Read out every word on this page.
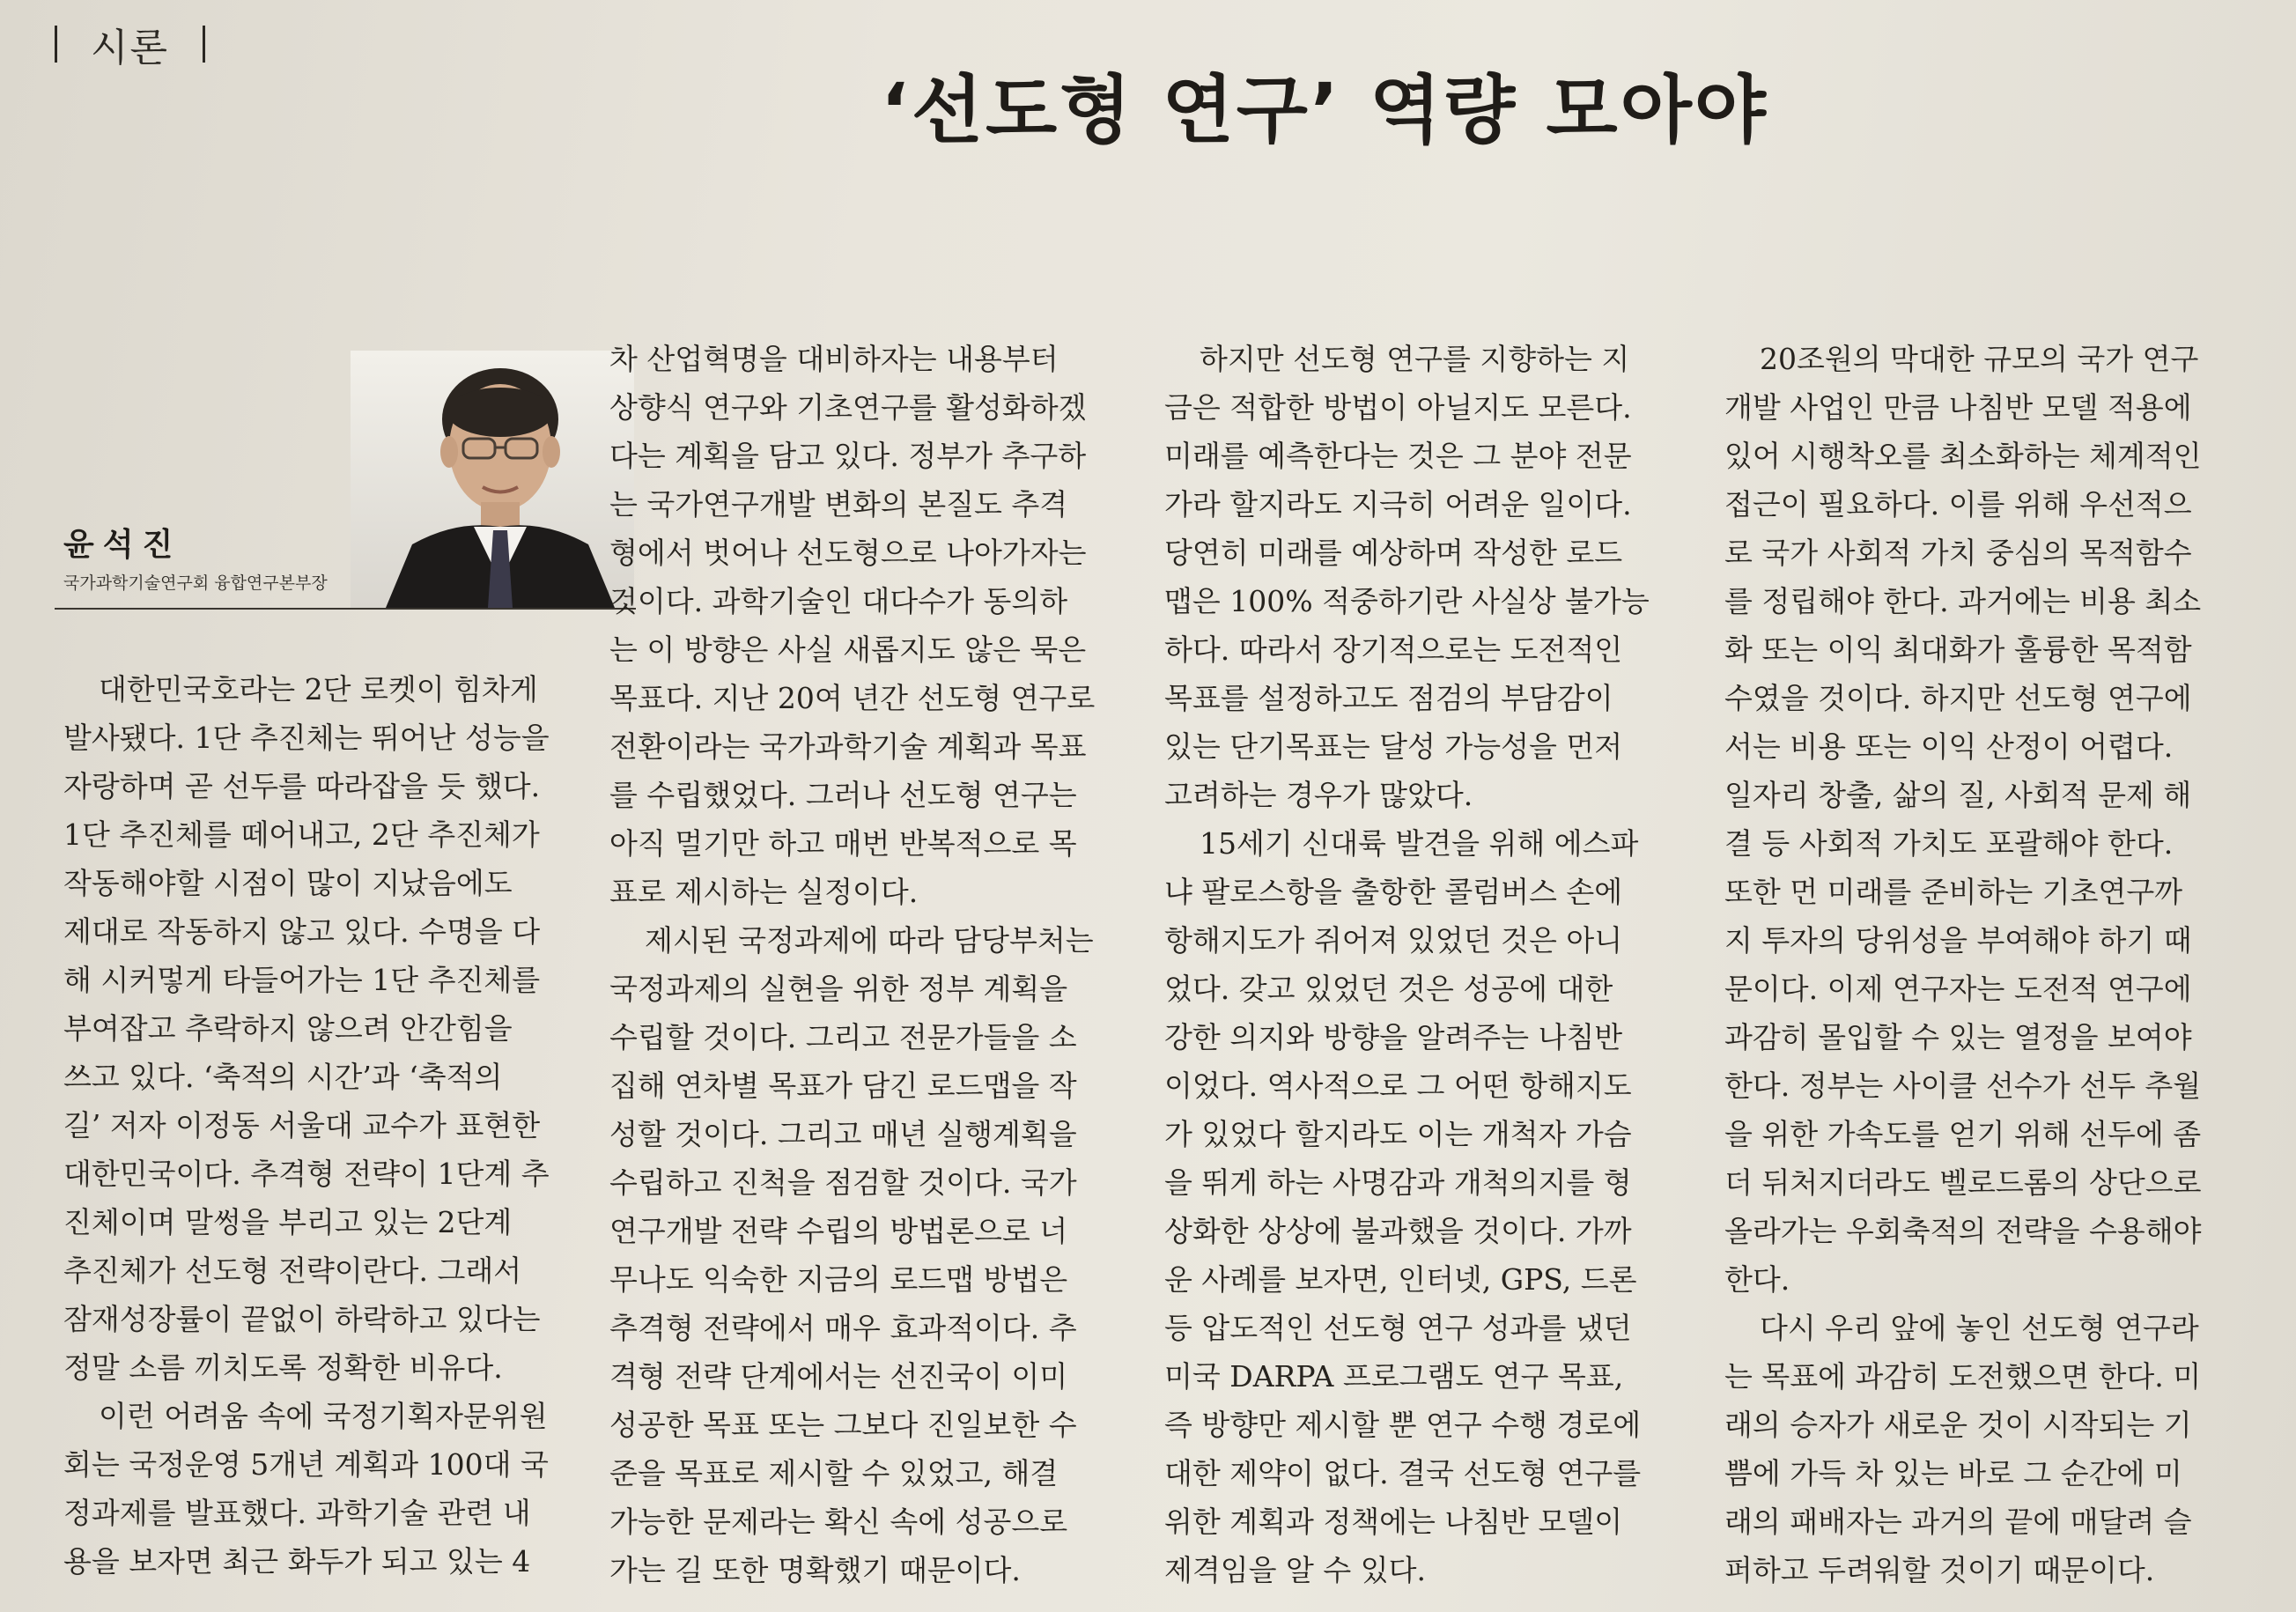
시론
‘선도형 연구’ 역량 모아야
윤석진
국가과학기술연구회 융합연구본부장
대한민국호라는 2단 로켓이 힘차게
발사됐다. 1단 추진체는 뛰어난 성능을
자랑하며 곧 선두를 따라잡을 듯 했다.
1단 추진체를 떼어내고, 2단 추진체가
작동해야할 시점이 많이 지났음에도
제대로 작동하지 않고 있다. 수명을 다
해 시커멓게 타들어가는 1단 추진체를
부여잡고 추락하지 않으려 안간힘을
쓰고 있다. ‘축적의 시간’과 ‘축적의
길’ 저자 이정동 서울대 교수가 표현한
대한민국이다. 추격형 전략이 1단계 추
진체이며 말썽을 부리고 있는 2단계
추진체가 선도형 전략이란다. 그래서
잠재성장률이 끝없이 하락하고 있다는
정말 소름 끼치도록 정확한 비유다.
이런 어려움 속에 국정기획자문위원
회는 국정운영 5개년 계획과 100대 국
정과제를 발표했다. 과학기술 관련 내
용을 보자면 최근 화두가 되고 있는 4
차 산업혁명을 대비하자는 내용부터
상향식 연구와 기초연구를 활성화하겠
다는 계획을 담고 있다. 정부가 추구하
는 국가연구개발 변화의 본질도 추격
형에서 벗어나 선도형으로 나아가자는
것이다. 과학기술인 대다수가 동의하
는 이 방향은 사실 새롭지도 않은 묵은
목표다. 지난 20여 년간 선도형 연구로
전환이라는 국가과학기술 계획과 목표
를 수립했었다. 그러나 선도형 연구는
아직 멀기만 하고 매번 반복적으로 목
표로 제시하는 실정이다.
제시된 국정과제에 따라 담당부처는
국정과제의 실현을 위한 정부 계획을
수립할 것이다. 그리고 전문가들을 소
집해 연차별 목표가 담긴 로드맵을 작
성할 것이다. 그리고 매년 실행계획을
수립하고 진척을 점검할 것이다. 국가
연구개발 전략 수립의 방법론으로 너
무나도 익숙한 지금의 로드맵 방법은
추격형 전략에서 매우 효과적이다. 추
격형 전략 단계에서는 선진국이 이미
성공한 목표 또는 그보다 진일보한 수
준을 목표로 제시할 수 있었고, 해결
가능한 문제라는 확신 속에 성공으로
가는 길 또한 명확했기 때문이다.
하지만 선도형 연구를 지향하는 지
금은 적합한 방법이 아닐지도 모른다.
미래를 예측한다는 것은 그 분야 전문
가라 할지라도 지극히 어려운 일이다.
당연히 미래를 예상하며 작성한 로드
맵은 100% 적중하기란 사실상 불가능
하다. 따라서 장기적으로는 도전적인
목표를 설정하고도 점검의 부담감이
있는 단기목표는 달성 가능성을 먼저
고려하는 경우가 많았다.
15세기 신대륙 발견을 위해 에스파
냐 팔로스항을 출항한 콜럼버스 손에
항해지도가 쥐어져 있었던 것은 아니
었다. 갖고 있었던 것은 성공에 대한
강한 의지와 방향을 알려주는 나침반
이었다. 역사적으로 그 어떤 항해지도
가 있었다 할지라도 이는 개척자 가슴
을 뛰게 하는 사명감과 개척의지를 형
상화한 상상에 불과했을 것이다. 가까
운 사례를 보자면, 인터넷, GPS, 드론
등 압도적인 선도형 연구 성과를 냈던
미국 DARPA 프로그램도 연구 목표,
즉 방향만 제시할 뿐 연구 수행 경로에
대한 제약이 없다. 결국 선도형 연구를
위한 계획과 정책에는 나침반 모델이
제격임을 알 수 있다.
20조원의 막대한 규모의 국가 연구
개발 사업인 만큼 나침반 모델 적용에
있어 시행착오를 최소화하는 체계적인
접근이 필요하다. 이를 위해 우선적으
로 국가 사회적 가치 중심의 목적함수
를 정립해야 한다. 과거에는 비용 최소
화 또는 이익 최대화가 훌륭한 목적함
수였을 것이다. 하지만 선도형 연구에
서는 비용 또는 이익 산정이 어렵다.
일자리 창출, 삶의 질, 사회적 문제 해
결 등 사회적 가치도 포괄해야 한다.
또한 먼 미래를 준비하는 기초연구까
지 투자의 당위성을 부여해야 하기 때
문이다. 이제 연구자는 도전적 연구에
과감히 몰입할 수 있는 열정을 보여야
한다. 정부는 사이클 선수가 선두 추월
을 위한 가속도를 얻기 위해 선두에 좀
더 뒤처지더라도 벨로드롬의 상단으로
올라가는 우회축적의 전략을 수용해야
한다.
다시 우리 앞에 놓인 선도형 연구라
는 목표에 과감히 도전했으면 한다. 미
래의 승자가 새로운 것이 시작되는 기
쁨에 가득 차 있는 바로 그 순간에 미
래의 패배자는 과거의 끝에 매달려 슬
퍼하고 두려워할 것이기 때문이다.
